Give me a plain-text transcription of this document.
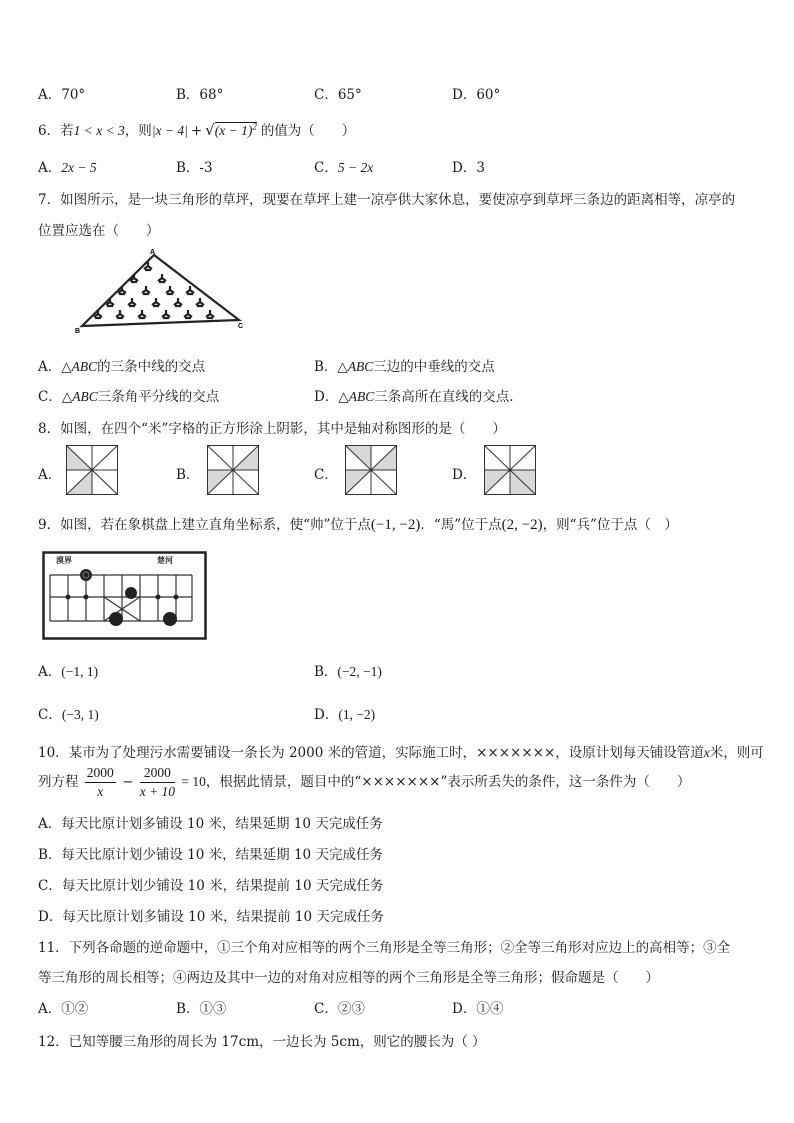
A．70°	B．68°	C．65°	D．60°
6．若1 < x < 3，则$|x - 4| + √(x - 1)^2$ 的值为（　　）
A．2x − 5	B．-3	C．5 − 2x	D．3
7．如图所示，是一块三角形的草坪，现要在草坪上建一凉亭供大家休息，要使凉亭到草坪三条边的距离相等，凉亭的
位置应选在（　　）
A
B
C
A．△ABC的三条中线的交点	B．△ABC三边的中垂线的交点
C．△ABC三条角平分线的交点	D．△ABC三条高所在直线的交点.
8．如图，在四个“米”字格的正方形涂上阴影，其中是轴对称图形的是（　　）
A．	B．	C．	D．
9．如图，若在象棋盘上建立直角坐标系，使“帅”位于点(−1, −2)．“馬”位于点(2, −2)，则“兵”位于点（　）
漠界	楚河
A．(−1, 1)	B．(−2, −1)
C．(−3, 1)	D．(1, −2)
10．某市为了处理污水需要铺设一条长为 2000 米的管道，实际施工时，×××××××，设原计划每天铺设管道x米，则可
列方程 $\frac{2000}{x} - \frac{2000}{x + 10} = 10$，根据此情景，题目中的“×××××××”表示所丢失的条件，这一条件为（　　）
A．每天比原计划多铺设 10 米，结果延期 10 天完成任务
B．每天比原计划少铺设 10 米，结果延期 10 天完成任务
C．每天比原计划少铺设 10 米，结果提前 10 天完成任务
D．每天比原计划多铺设 10 米，结果提前 10 天完成任务
11．下列各命题的逆命题中，①三个角对应相等的两个三角形是全等三角形；②全等三角形对应边上的高相等；③全
等三角形的周长相等；④两边及其中一边的对角对应相等的两个三角形是全等三角形；假命题是（　　）
A．①②	B．①③	C．②③	D．①④
12．已知等腰三角形的周长为 17cm，一边长为 5cm，则它的腰长为（ ）
